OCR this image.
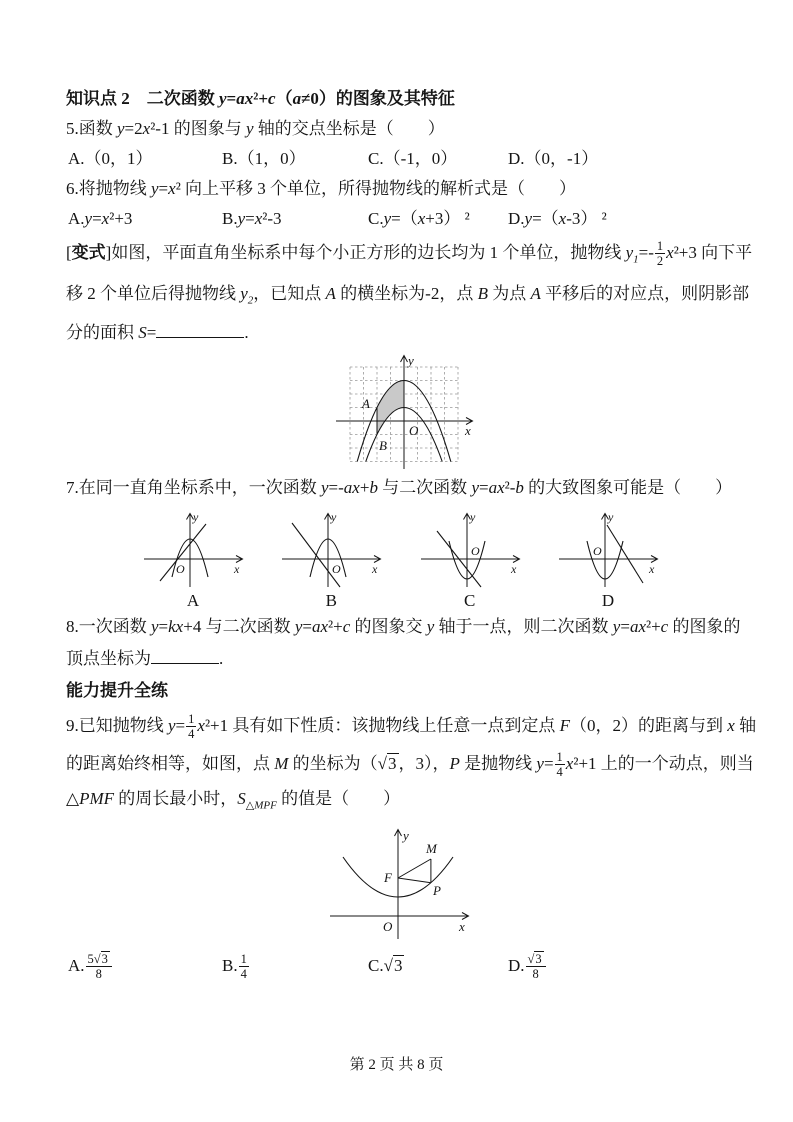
知识点 2　二次函数 y=ax²+c（a≠0）的图象及其特征
5.函数 y=2x²-1 的图象与 y 轴的交点坐标是（　　）
A.（0，1）	B.（1，0）	C.（-1，0）	D.（0，-1）
6.将抛物线 y=x² 向上平移 3 个单位，所得抛物线的解析式是（　　）
A.y=x²+3	B.y=x²-3	C.y=（x+3） ²	D.y=（x-3） ²
[变式]如图，平面直角坐标系中每个小正方形的边长均为 1 个单位，抛物线 $y_1=- \frac{1}{2} x^2+3$ 向下平
移 2 个单位后得抛物线 $y_2$，已知点 A 的横坐标为-2，点 B 为点 A 平移后的对应点，则阴影部
分的面积 S=	.
y
x
O
A
B
7.在同一直角坐标系中，一次函数 y=-ax+b 与二次函数 y=ax²-b 的大致图象可能是（　　）
y
x
O
A
y
x
O
B
y
x
O
C
y
x
O
D
8.一次函数 y=kx+4 与二次函数 y=ax²+c 的图象交 y 轴于一点，则二次函数 y=ax²+c 的图象的
顶点坐标为	.
能力提升全练
9.已知抛物线 $y= \frac{1}{4} x^2+1$ 具有如下性质：该抛物线上任意一点到定点 F（0，2）的距离与到 x 轴
的距离始终相等，如图，点 M 的坐标为（√3 ，3），P 是抛物线 $y= \frac{1}{4} x^2+1$ 上的一个动点，则当
△PMF 的周长最小时，$S_{\triangle MPF}$ 的值是（　　）
y
x
O
F
M
P
A. $\frac{5√3}{8}$	B. $\frac{1}{4}$	C.√3	D. $\frac{√3}{8}$
第 2 页 共 8 页
